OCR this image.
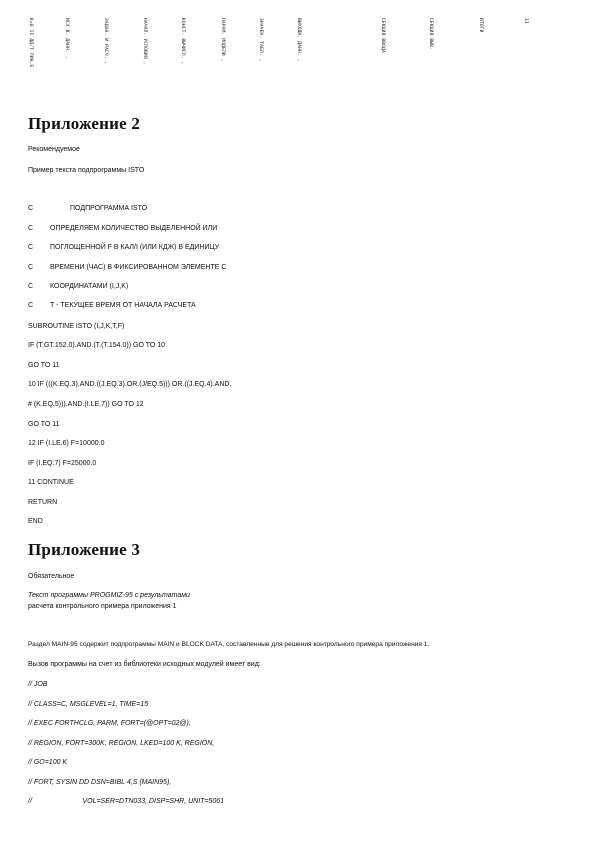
К=0 II ДД/Т ЛИН,Е	ИСХ В. ДАНН. ,	ЗАДАН. И РАСЧ. ,	НАЧАЛ. УСЛОВИЯ ,	КОНСТ. ВЫЧИСЛ. ,	ПАРАМ. МОДЕЛИ ,	ЗНАЧЕН. ТАБЛ. ,	ВЫХОДН. ДАНН. ,	СЕКЦИЯ ВВОДА	СЕКЦИЯ ВЫВ.	ИТОГИ	11
Приложение 2
Рекомендуемое
Пример текста подпрограммы ISTO
C	ПОДПРОГРАММА ISTO
C ОПРЕДЕЛЯЕМ КОЛИЧЕСТВО ВЫДЕЛЕННОЙ ИЛИ
C ПОГЛОЩЕННОЙ F В КАЛ/I (ИЛИ КДЖ) В ЕДИНИЦУ
C ВРЕМЕНИ (ЧАС) В ФИКСИРОВАННОМ ЭЛЕМЕНТЕ С
C КООРДИНАТАМИ (I,J,K)
C T - ТЕКУЩЕЕ ВРЕМЯ ОТ НАЧАЛА РАСЧЕТА
SUBROUTINE ISTO (I,J,K,T,F)
IF (T.GT.152.0).AND.(T.(T.154.0)) GO TO 10
GO TO 11
10 IF (((K.EQ.3).AND.((J.EQ.3).OR.(J/EQ.5))).OR.((J.EQ.4).AND.
# (K.EQ.5))).AND.(I.LE.7)) GO TO 12
GO TO 11
12 IF (I.LE.6) F=10000.0
IF (I.EQ.7) F=25000.0
11 CONTINUE
RETURN
END
Приложение 3
Обязательное
Текст программы PROGMIZ-95 с результатами
расчета контрольного примера приложения 1
Раздел MAIN-95 содержит подпрограммы MAIN и BLOCK DATA, составленные для решения контрольного примера приложения 1.
Вызов программы на счет из библиотеки исходных модулей имеет вид:
// JOB
// CLASS=C, MSGLEVEL=1, TIME=15
// EXEC FORTHCLG, PARM, FORT=(@OPT=02@),
// REGION, FORT=300K, REGION, LKED=100 K, REGION,
// GO=100 K
// FORT, SYSIN DD DSN=BIBL 4,S (MAIN95),
//                          VOL=SER=DTN033, DISP=SHR, UNIT=5061
